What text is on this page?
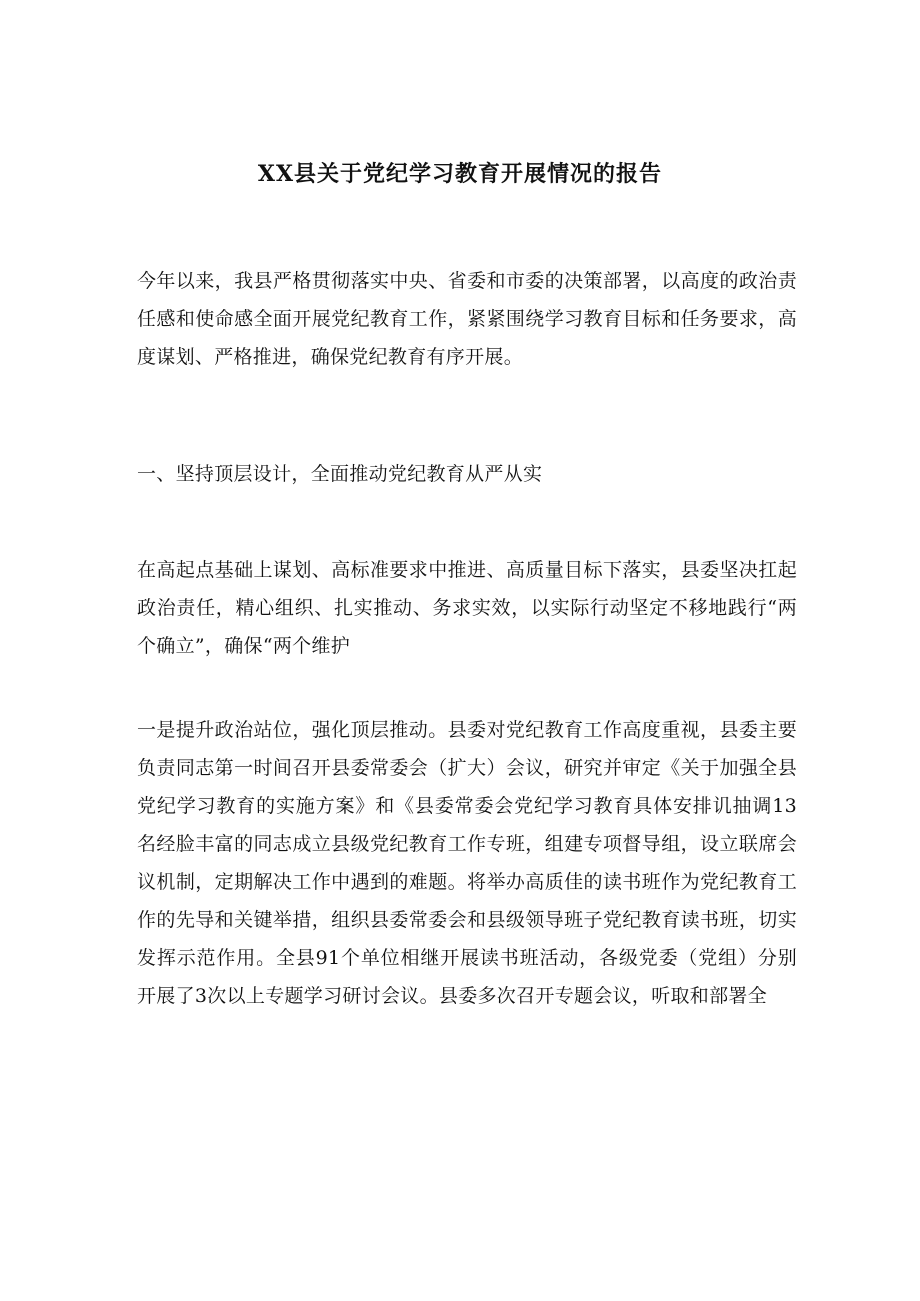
XX县关于党纪学习教育开展情况的报告

今年以来，我县严格贯彻落实中央、省委和市委的决策部署，以高度的政治责任感和使命感全面开展党纪教育工作，紧紧围绕学习教育目标和任务要求，高度谋划、严格推进，确保党纪教育有序开展。

一、坚持顶层设计，全面推动党纪教育从严从实

在高起点基础上谋划、高标准要求中推进、高质量目标下落实，县委坚决扛起政治责任，精心组织、扎实推动、务求实效，以实际行动坚定不移地践行“两个确立”，确保“两个维护

一是提升政治站位，强化顶层推动。县委对党纪教育工作高度重视，县委主要负责同志第一时间召开县委常委会（扩大）会议，研究并审定《关于加强全县党纪学习教育的实施方案》和《县委常委会党纪学习教育具体安排讥抽调13名经脸丰富的同志成立县级党纪教育工作专班，组建专项督导组，设立联席会议机制，定期解决工作中遇到的难题。将举办高质佳的读书班作为党纪教育工作的先导和关键举措，组织县委常委会和县级领导班子党纪教育读书班，切实发挥示范作用。全县91个单位相继开展读书班活动，各级党委（党组）分别开展了3次以上专题学习研讨会议。县委多次召开专题会议，听取和部署全
